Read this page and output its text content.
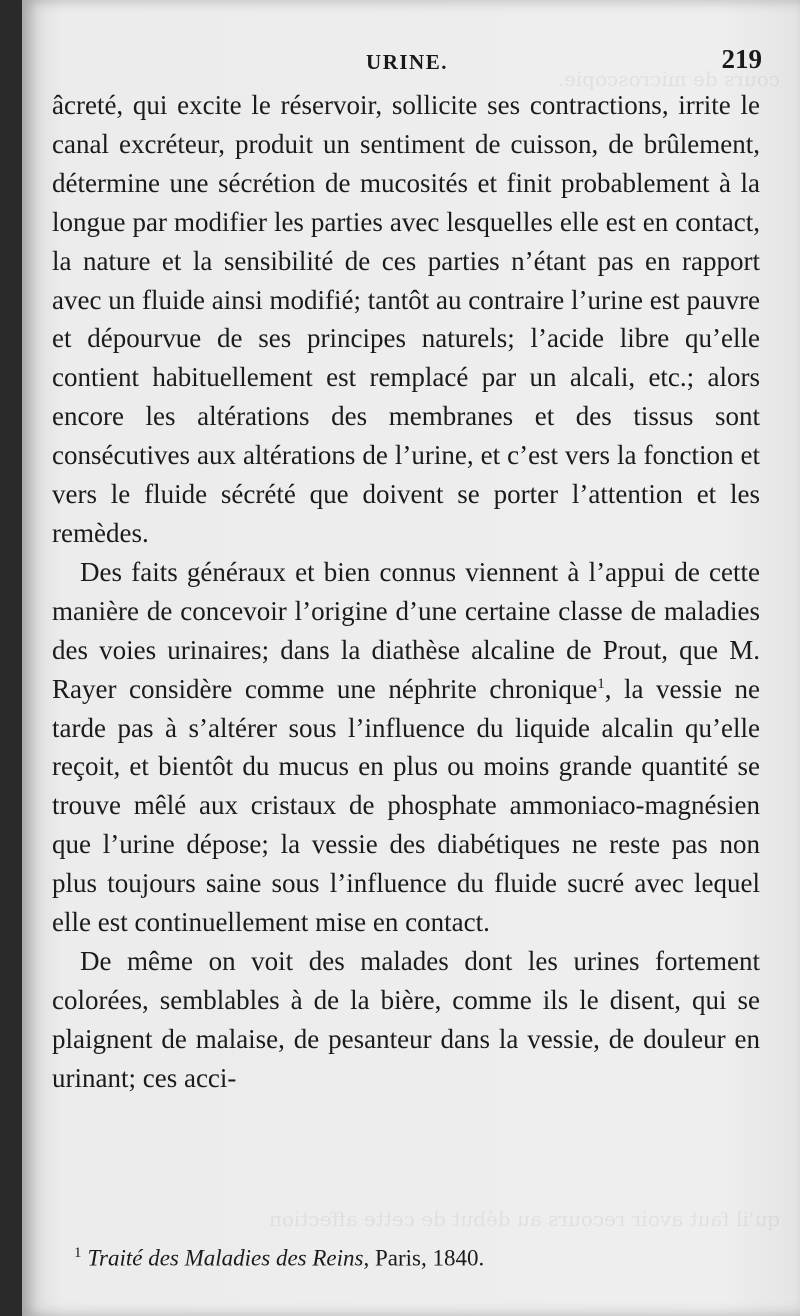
cours de microscopie.
qu'il faut avoir recours au début de cette affection
URINE.	219

âcreté, qui excite le réservoir, sollicite ses contractions, irrite le canal excréteur, produit un sentiment de cuisson, de brûlement, détermine une sécrétion de mucosités et finit probablement à la longue par modifier les parties avec lesquelles elle est en contact, la nature et la sensibilité de ces parties n’étant pas en rapport avec un fluide ainsi modifié; tantôt au contraire l’urine est pauvre et dépourvue de ses principes naturels; l’acide libre qu’elle contient habituellement est remplacé par un alcali, etc.; alors encore les altérations des membranes et des tissus sont consécutives aux altérations de l’urine, et c’est vers la fonction et vers le fluide sécrété que doivent se porter l’attention et les remèdes.

Des faits généraux et bien connus viennent à l’appui de cette manière de concevoir l’origine d’une certaine classe de maladies des voies urinaires; dans la diathèse alcaline de Prout, que M. Rayer considère comme une néphrite chronique$^1$, la vessie ne tarde pas à s’altérer sous l’influence du liquide alcalin qu’elle reçoit, et bientôt du mucus en plus ou moins grande quantité se trouve mêlé aux cristaux de phosphate ammoniaco-magnésien que l’urine dépose; la vessie des diabétiques ne reste pas non plus toujours saine sous l’influence du fluide sucré avec lequel elle est continuellement mise en contact.

De même on voit des malades dont les urines fortement colorées, semblables à de la bière, comme ils le disent, qui se plaignent de malaise, de pesanteur dans la vessie, de douleur en urinant; ces acci-

$^1$ Traité des Maladies des Reins, Paris, 1840.
